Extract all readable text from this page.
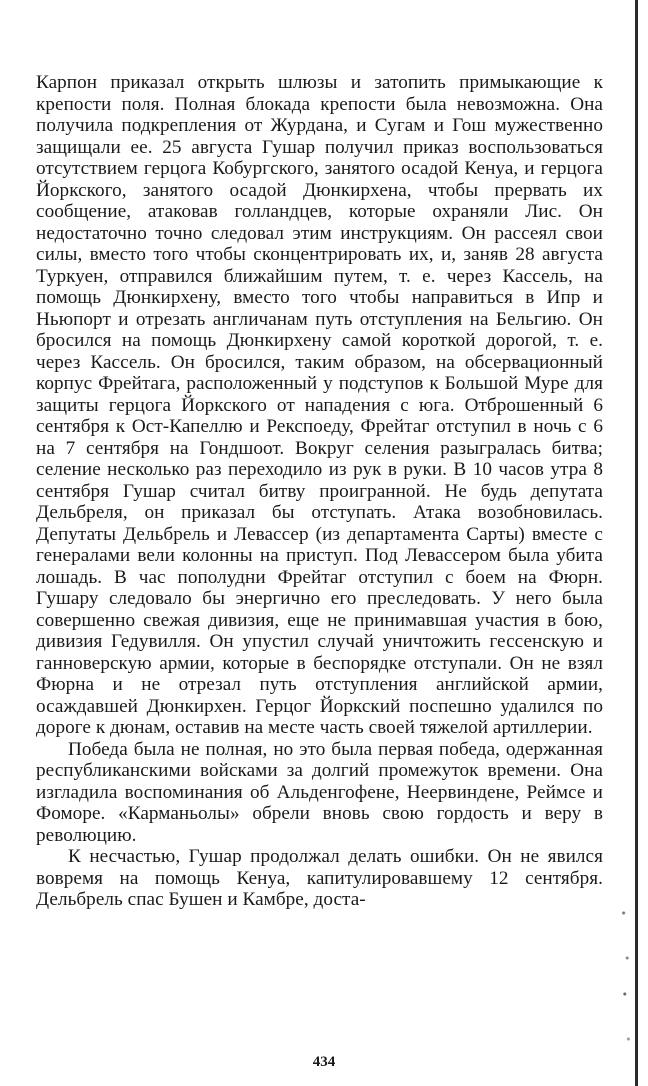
Карпон приказал открыть шлюзы и затопить примыкающие к крепости поля. Полная блокада крепости была невозможна. Она получила подкрепления от Журдана, и Сугам и Гош мужественно защищали ее. 25 августа Гушар получил приказ воспользоваться отсутствием герцога Кобургского, занятого осадой Кенуа, и герцога Йоркского, занятого осадой Дюнкирхена, чтобы прервать их сообщение, атаковав голландцев, которые охраняли Лис. Он недостаточно точно следовал этим инструкциям. Он рассеял свои силы, вместо того чтобы сконцентрировать их, и, заняв 28 августа Туркуен, отправился ближайшим путем, т. е. через Кассель, на помощь Дюнкирхену, вместо того чтобы направиться в Ипр и Ньюпорт и отрезать англичанам путь отступления на Бельгию. Он бросился на помощь Дюнкирхену самой короткой дорогой, т. е. через Кассель. Он бросился, таким образом, на обсервационный корпус Фрейтага, расположенный у подступов к Большой Муре для защиты герцога Йоркского от нападения с юга. Отброшенный 6 сентября к Ост-Капеллю и Рекспоеду, Фрейтаг отступил в ночь с 6 на 7 сентября на Гондшоот. Вокруг селения разыгралась битва; селение несколько раз переходило из рук в руки. В 10 часов утра 8 сентября Гушар считал битву проигранной. Не будь депутата Дельбреля, он приказал бы отступать. Атака возобновилась. Депутаты Дельбрель и Левассер (из департамента Сарты) вместе с генералами вели колонны на приступ. Под Левассером была убита лошадь. В час пополудни Фрейтаг отступил с боем на Фюрн. Гушару следовало бы энергично его преследовать. У него была совершенно свежая дивизия, еще не принимавшая участия в бою, дивизия Гедувилля. Он упустил случай уничтожить гессенскую и ганноверскую армии, которые в беспорядке отступали. Он не взял Фюрна и не отрезал путь отступления английской армии, осаждавшей Дюнкирхен. Герцог Йоркский поспешно удалился по дороге к дюнам, оставив на месте часть своей тяжелой артиллерии.

Победа была не полная, но это была первая победа, одержанная республиканскими войсками за долгий промежуток времени. Она изгладила воспоминания об Альденгофене, Неервиндене, Реймсе и Фоморе. «Карманьолы» обрели вновь свою гордость и веру в революцию.

К несчастью, Гушар продолжал делать ошибки. Он не явился вовремя на помощь Кенуа, капитулировавшему 12 сентября. Дельбрель спас Бушен и Камбре, доста-

434
